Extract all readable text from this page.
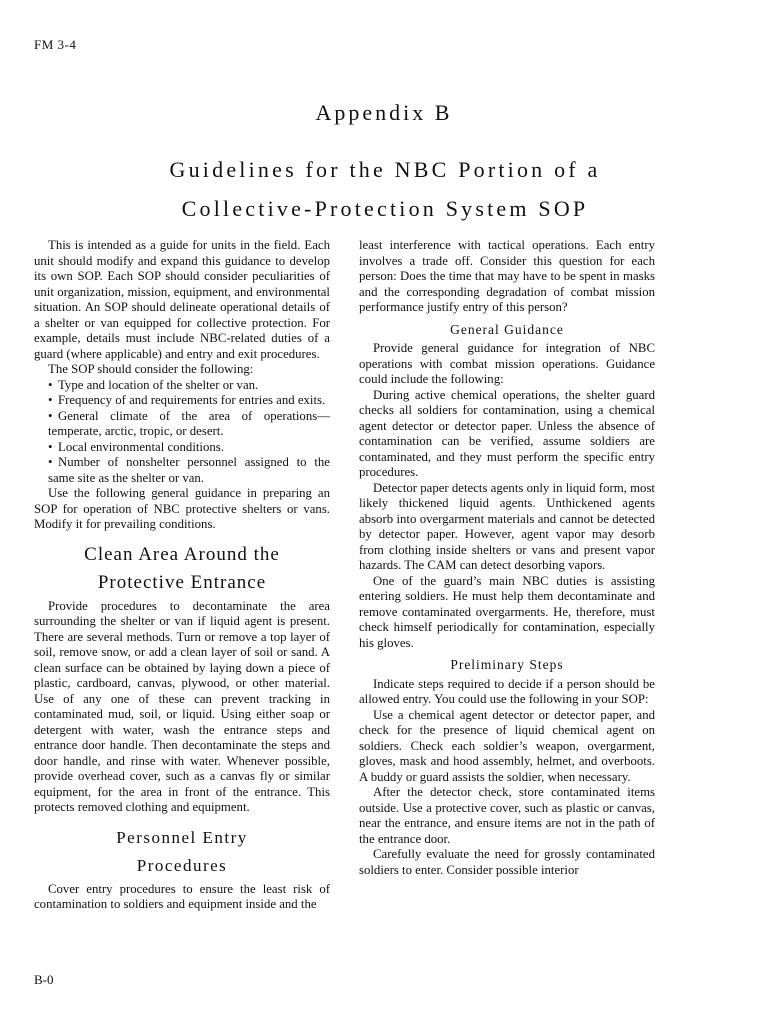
FM 3-4
Appendix B
Guidelines for the NBC Portion of a
Collective-Protection System SOP

This is intended as a guide for units in the field. Each unit should modify and expand this guidance to develop its own SOP. Each SOP should consider peculiarities of unit organization, mission, equipment, and environmental situation. An SOP should delineate operational details of a shelter or van equipped for collective protection. For example, details must include NBC-related duties of a guard (where applicable) and entry and exit procedures.

The SOP should consider the following:

• Type and location of the shelter or van.
• Frequency of and requirements for entries and exits.
• General climate of the area of operations—temperate, arctic, tropic, or desert.
• Local environmental conditions.
• Number of nonshelter personnel assigned to the same site as the shelter or van.

Use the following general guidance in preparing an SOP for operation of NBC protective shelters or vans. Modify it for prevailing conditions.

Clean Area Around the
Protective Entrance

Provide procedures to decontaminate the area surrounding the shelter or van if liquid agent is present. There are several methods. Turn or remove a top layer of soil, remove snow, or add a clean layer of soil or sand. A clean surface can be obtained by laying down a piece of plastic, cardboard, canvas, plywood, or other material. Use of any one of these can prevent tracking in contaminated mud, soil, or liquid. Using either soap or detergent with water, wash the entrance steps and entrance door handle. Then decontaminate the steps and door handle, and rinse with water. Whenever possible, provide overhead cover, such as a canvas fly or similar equipment, for the area in front of the entrance. This protects removed clothing and equipment.

Personnel Entry
Procedures

Cover entry procedures to ensure the least risk of contamination to soldiers and equipment inside and the

least interference with tactical operations. Each entry involves a trade off. Consider this question for each person: Does the time that may have to be spent in masks and the corresponding degradation of combat mission performance justify entry of this person?

General Guidance

Provide general guidance for integration of NBC operations with combat mission operations. Guidance could include the following:

During active chemical operations, the shelter guard checks all soldiers for contamination, using a chemical agent detector or detector paper. Unless the absence of contamination can be verified, assume soldiers are contaminated, and they must perform the specific entry procedures.

Detector paper detects agents only in liquid form, most likely thickened liquid agents. Unthickened agents absorb into overgarment materials and cannot be detected by detector paper. However, agent vapor may desorb from clothing inside shelters or vans and present vapor hazards. The CAM can detect desorbing vapors.

One of the guard’s main NBC duties is assisting entering soldiers. He must help them decontaminate and remove contaminated overgarments. He, therefore, must check himself periodically for contamination, especially his gloves.

Preliminary Steps

Indicate steps required to decide if a person should be allowed entry. You could use the following in your SOP:

Use a chemical agent detector or detector paper, and check for the presence of liquid chemical agent on soldiers. Check each soldier’s weapon, overgarment, gloves, mask and hood assembly, helmet, and overboots. A buddy or guard assists the soldier, when necessary.

After the detector check, store contaminated items outside. Use a protective cover, such as plastic or canvas, near the entrance, and ensure items are not in the path of the entrance door.

Carefully evaluate the need for grossly contaminated soldiers to enter. Consider possible interior

B-0
